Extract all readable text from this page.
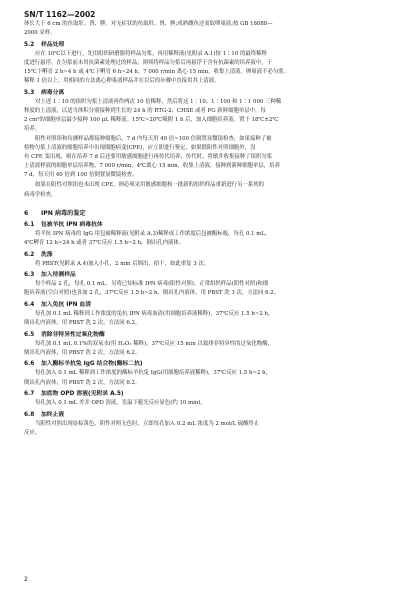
SN/T 1162—2002

体长大于 6 cm 的鱼取肝、肾、脾。对无症状的鱼取肝、肾、脾;成熟雌鱼还需取卵巢液;按 GB 18088—

2000 采样。

5.2 样品处理

应在 10℃以下进行。先用组织研磨器将样品匀浆。再用稀释液(见附录 A.1)按 1∶10 的最终稀释

度进行悬浮。在匀浆前未用抗菌素处理过的样品，则须将样品匀浆后再悬浮于含有抗菌素的培养液中，于

15℃下孵育 2 h~4 h 或 4℃下孵育 6 h~24 h。7 000 r/min 离心 15 min。收集上清液。卵巢液不必匀浆。

稀释 1 倍以上。用相同的方法离心卵巢液样品并在以后的步骤中直接用其上清液。

5.3 病毒分离

对上述 1∶10 的组织匀浆上清液再作两次 10 倍稀释，然后将这 1∶10、1∶100 和 1∶1 000 三种稀

释度的上清液，以适当体积分别接种到生长的 24 h 的 RTG-2、CHSE 或者 PG 新鲜细胞单层中，每

2 cm²的细胞单层最少接种 100 μL 稀释液。15℃~20℃吸附 1 h 后，加入细胞培养液。置于 18℃±2℃

培养。

阳性对照组和待测样品都接种细胞后，7 d 内每天用 40 倍~100 倍倒置显微镜检查，如果接种了被

检物匀浆上清液的细胞培养中出现细胞病变(CPE)，应立即进行鉴定，如果除阳性对照细胞外，没

有 CPE 变出现，则在培养 7 d 后还要用敏感细胞进行再传代培养，传代时，将敏井收集接种了组织匀浆

上清液样液的细胞单层培养物，7 000 r/min，4℃离心 15 min，收集上清液，接种到新鲜细胞单层，培养

7 d，每天用 40 倍到 100 倍倒置显微镜检查。

如果在阳性对照组也未出现 CPE，则必须采用敏感细胞和一批新的组织样品重新进行另一系列的

病毒学检查。

6 IPN 病毒的鉴定
6.1 包被羊抗 IPN 病毒抗体

将羊抗 IPN 病毒的 IgG 用包被稀释液(见附录 A.3)稀释成工作浓度后包被酶标板，每孔 0.1 mL，

4℃孵育 12 h~24 h 或者 37℃反应 1.5 h~2 h，倒出孔内液体。

6.2 洗涤

将 PBST(见附录 A.4)加入小孔，2 min 后倒出，拍干，如此重复 3 次。

6.3 加入待测样品

每个样品 2 孔，每孔 0.1 mL。另将已知标准 IPN 病毒(阳性对照)、正常组织样品(阴性对照)和细

胞培养液(空白对照)也各加 2 孔，37℃反应 1.5 h~2 h，倒出孔内液体，用 PBST 洗 3 次，方法同 6.2。

6.4 加入免抗 IPN 血清

每孔加 0.1 mL 稀释到工作浓度的兔抗 IPN 病毒血清(用细胞培养液稀释)，37℃反应 1.5 h~2 h，

倒出孔内液体，用 PBST 洗 2 次，方法同 6.2。

6.5 消除非特异性过氧化物酶

每孔加 0.1 mL 0.1%的双氧水(用 H₂O₂ 稀释)，37℃反应 15 min 以致排非特异性的过氧化物酶，

倒出孔内液体，用 PBST 洗 2 次，方法同 6.2。

6.6 加入酶标羊抗兔 IgG 结合物(酶标二抗)

每孔加入 0.1 mL 稀释到工作浓度的酶标羊抗兔 IgG(用细胞培养液稀释)，37℃反应 1.5 h~2 h，

倒出孔内液体，用 PBST 洗 2 次，方法同 6.2。

6.7 加底物 OPD 溶液(见附录 A.5)

每孔加入 0.1 mL 差并 OPD 溶液，室温下避光反应显色(约 10 min)。

6.8 加终止液

当阳性对照出现显棕黄色，阴性对照无色时，立即每孔加入 0.2 mL 浓度为 2 mol/L 硫酸终止

反应。

2
